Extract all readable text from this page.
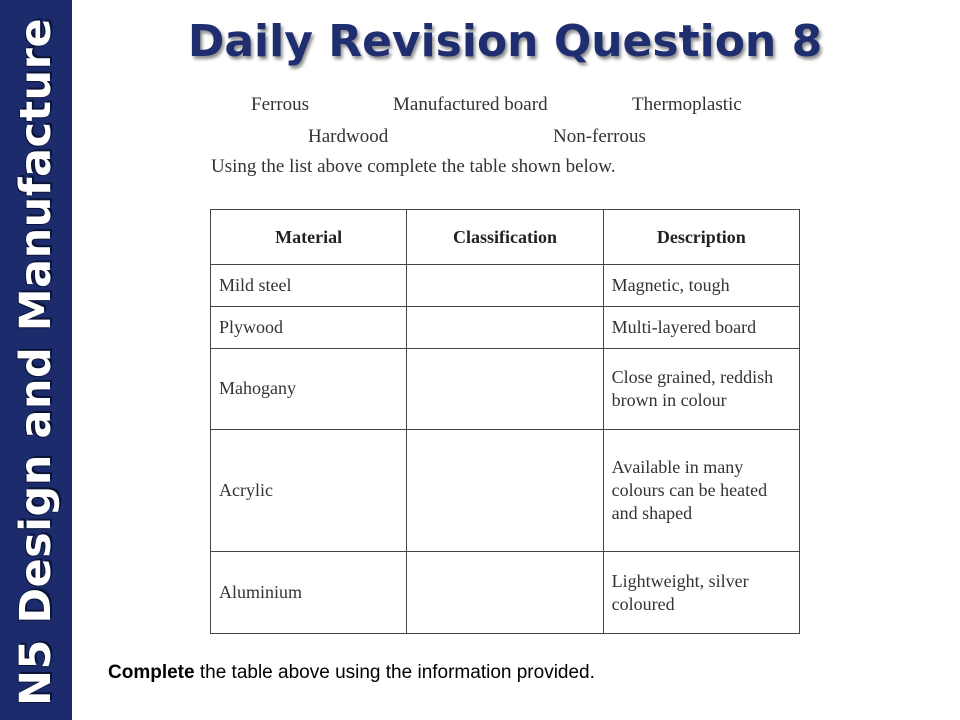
N5 Design and Manufacture	Daily Revision Question 8
Ferrous	Manufactured board	Thermoplastic
Hardwood	Non-ferrous
Using the list above complete the table shown below.
Material	Classification	Description
Mild steel		Magnetic, tough
Plywood		Multi-layered board
Mahogany		Close grained, reddish brown in colour
Acrylic		Available in many colours can be heated and shaped
Aluminium		Lightweight, silver coloured
Complete the table above using the information provided.
